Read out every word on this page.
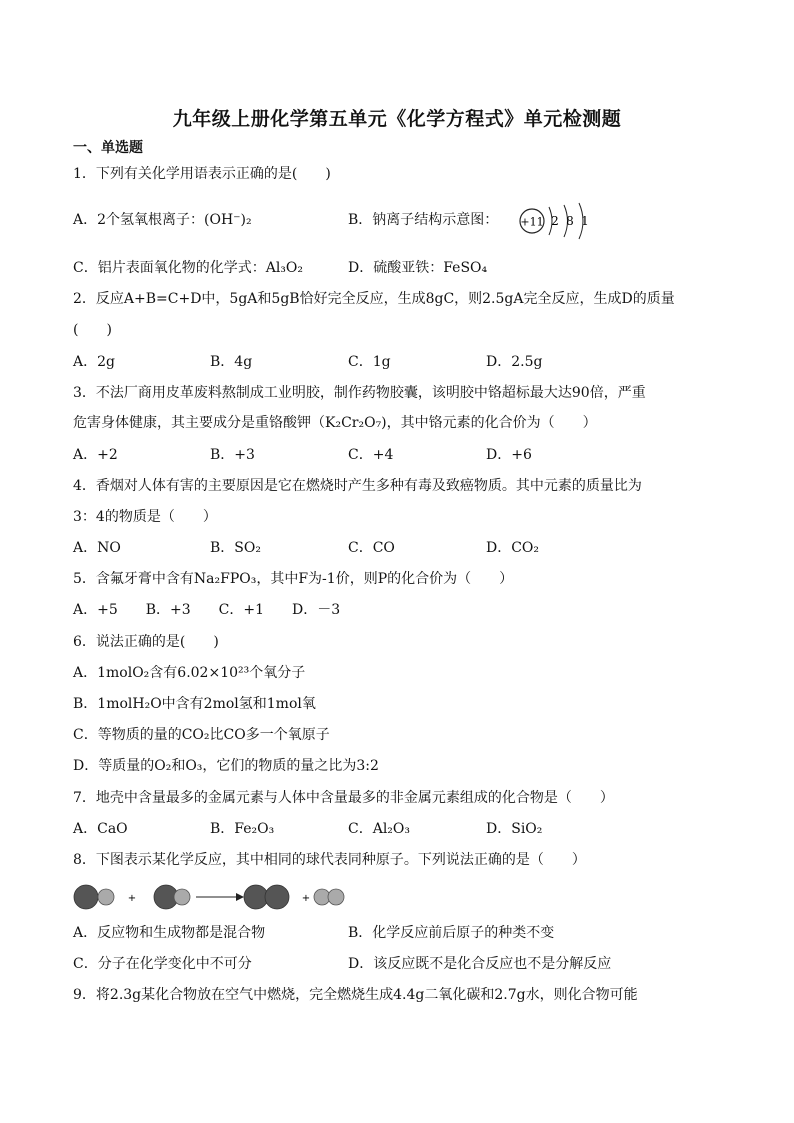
九年级上册化学第五单元《化学方程式》单元检测题
一、单选题
1．下列有关化学用语表示正确的是(　　)
A．2个氢氧根离子：(OH⁻)₂	B．钠离子结构示意图： +11 2 8 1
C．铝片表面氧化物的化学式：Al₃O₂	D．硫酸亚铁：FeSO₄
2．反应A+B=C+D中，5gA和5gB恰好完全反应，生成8gC，则2.5gA完全反应，生成D的质量
(　　)
A．2g	B．4g	C．1g	D．2.5g
3．不法厂商用皮革废料熬制成工业明胶，制作药物胶囊，该明胶中铬超标最大达90倍，严重
危害身体健康，其主要成分是重铬酸钾（K₂Cr₂O₇)，其中铬元素的化合价为（　　）
A．+2	B．+3	C．+4	D．+6
4．香烟对人体有害的主要原因是它在燃烧时产生多种有毒及致癌物质。其中元素的质量比为
3：4的物质是（　　）
A．NO	B．SO₂	C．CO	D．CO₂
5．含氟牙膏中含有Na₂FPO₃，其中F为-1价，则P的化合价为（　　）
A．+5　　B．+3　　C．+1　　D．－3
6．说法正确的是(　　)
A．1molO₂含有6.02×10²³个氧分子
B．1molH₂O中含有2mol氢和1mol氧
C．等物质的量的CO₂比CO多一个氧原子
D．等质量的O₂和O₃，它们的物质的量之比为3:2
7．地壳中含量最多的金属元素与人体中含量最多的非金属元素组成的化合物是（　　）
A．CaO	B．Fe₂O₃	C．Al₂O₃	D．SiO₂
8．下图表示某化学反应，其中相同的球代表同种原子。下列说法正确的是（　　）
+	+
A．反应物和生成物都是混合物	B．化学反应前后原子的种类不变
C．分子在化学变化中不可分	D．该反应既不是化合反应也不是分解反应
9．将2.3g某化合物放在空气中燃烧，完全燃烧生成4.4g二氧化碳和2.7g水，则化合物可能
